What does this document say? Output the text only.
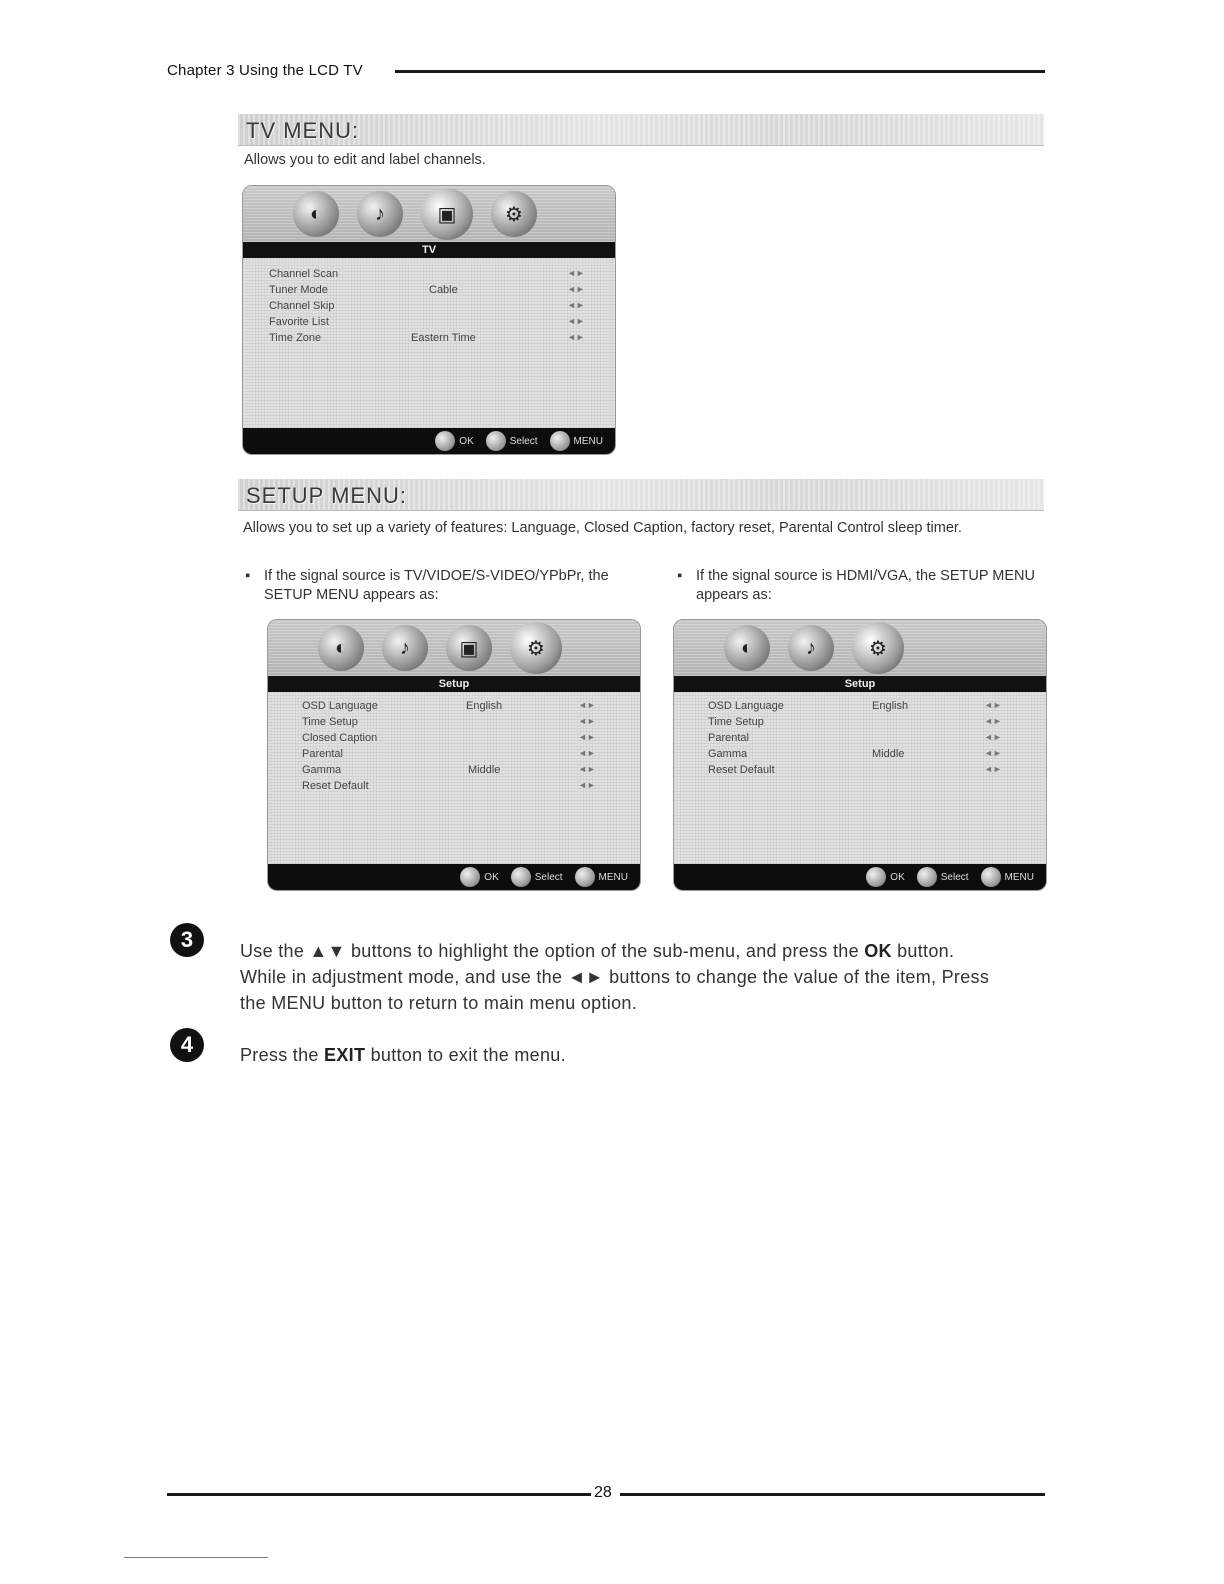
Chapter 3 Using the LCD TV
TV MENU:
Allows you to edit and label channels.
◐	♪	▣	⚙
TV
Channel Scan	◄►
Tuner Mode	Cable	◄►
Channel Skip	◄►
Favorite List	◄►
Time Zone	Eastern Time	◄►
OK	Select	MENU
SETUP MENU:
Allows you to set up a variety of features: Language, Closed Caption, factory reset, Parental Control sleep timer.
▪ If the signal source is TV/VIDOE/S-VIDEO/YPbPr, the SETUP MENU appears as:
▪ If the signal source is HDMI/VGA, the SETUP MENU appears as:
◐	♪	▣	⚙
Setup
OSD Language	English	◄►
Time Setup	◄►
Closed Caption	◄►
Parental	◄►
Gamma	Middle	◄►
Reset Default	◄►
OK	Select	MENU
◐	♪	⚙
Setup
OSD Language	English	◄►
Time Setup	◄►
Parental	◄►
Gamma	Middle	◄►
Reset Default	◄►
OK	Select	MENU
3	Use the ▲▼ buttons to highlight the option of the sub-menu, and press the OK button. While in adjustment mode, and use the ◄► buttons to change the value of the item, Press the MENU button to return to main menu option.
4	Press the EXIT button to exit the menu.
28
